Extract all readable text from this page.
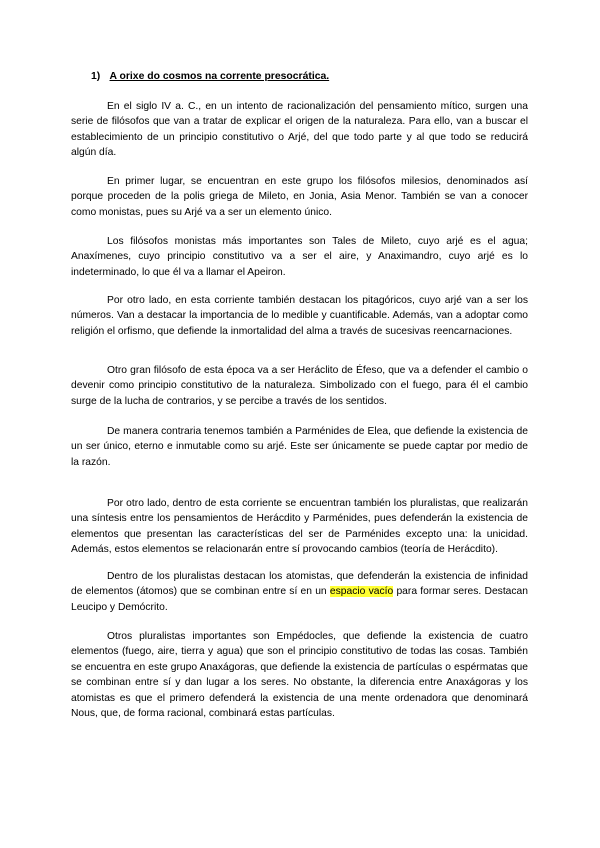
1) A orixe do cosmos na corrente presocrática.

En el siglo IV a. C., en un intento de racionalización del pensamiento mítico, surgen una serie de filósofos que van a tratar de explicar el origen de la naturaleza. Para ello, van a buscar el establecimiento de un principio constitutivo o Arjé, del que todo parte y al que todo se reducirá algún día.

En primer lugar, se encuentran en este grupo los filósofos milesios, denominados así porque proceden de la polis griega de Mileto, en Jonia, Asia Menor. También se van a conocer como monistas, pues su Arjé va a ser un elemento único.

Los filósofos monistas más importantes son Tales de Mileto, cuyo arjé es el agua; Anaxímenes, cuyo principio constitutivo va a ser el aire, y Anaximandro, cuyo arjé es lo indeterminado, lo que él va a llamar el Apeiron.

Por otro lado, en esta corriente también destacan los pitagóricos, cuyo arjé van a ser los números. Van a destacar la importancia de lo medible y cuantificable. Además, van a adoptar como religión el orfismo, que defiende la inmortalidad del alma a través de sucesivas reencarnaciones.

Otro gran filósofo de esta época va a ser Heráclito de Éfeso, que va a defender el cambio o devenir como principio constitutivo de la naturaleza. Simbolizado con el fuego, para él el cambio surge de la lucha de contrarios, y se percibe a través de los sentidos.

De manera contraria tenemos también a Parménides de Elea, que defiende la existencia de un ser único, eterno e inmutable como su arjé. Este ser únicamente se puede captar por medio de la razón.

Por otro lado, dentro de esta corriente se encuentran también los pluralistas, que realizarán una síntesis entre los pensamientos de Herácdito y Parménides, pues defenderán la existencia de elementos que presentan las características del ser de Parménides excepto una: la unicidad. Además, estos elementos se relacionarán entre sí provocando cambios (teoría de Herácdito).

Dentro de los pluralistas destacan los atomistas, que defenderán la existencia de infinidad de elementos (átomos) que se combinan entre sí en un espacio vacío para formar seres. Destacan Leucipo y Demócrito.

Otros pluralistas importantes son Empédocles, que defiende la existencia de cuatro elementos (fuego, aire, tierra y agua) que son el principio constitutivo de todas las cosas. También se encuentra en este grupo Anaxágoras, que defiende la existencia de partículas o espérmatas que se combinan entre sí y dan lugar a los seres. No obstante, la diferencia entre Anaxágoras y los atomistas es que el primero defenderá la existencia de una mente ordenadora que denominará Nous, que, de forma racional, combinará estas partículas.
